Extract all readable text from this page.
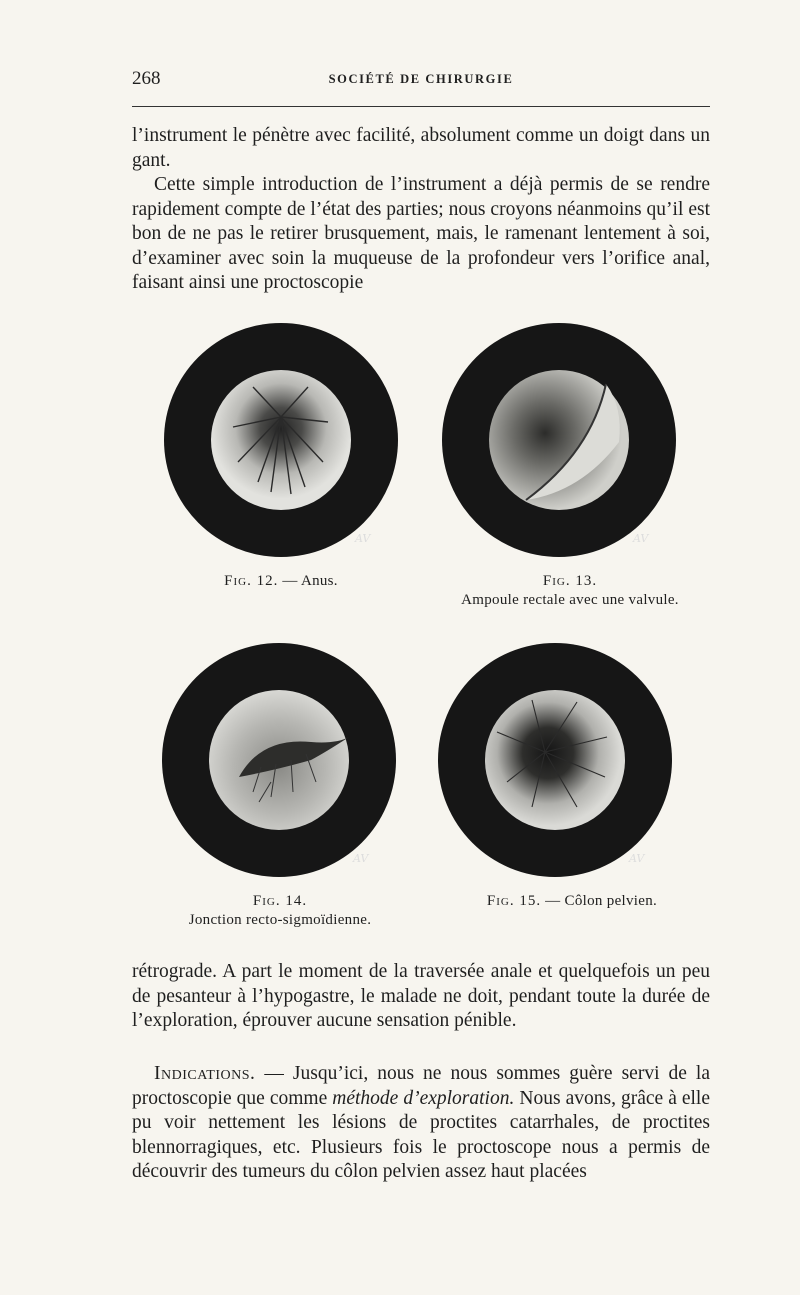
268	SOCIÉTÉ DE CHIRURGIE

l’instrument le pénètre avec facilité, absolument comme un doigt dans un gant.

Cette simple introduction de l’instrument a déjà permis de se rendre rapidement compte de l’état des parties; nous croyons néanmoins qu’il est bon de ne pas le retirer brusquement, mais, le ramenant lentement à soi, d’examiner avec soin la muqueuse de la profondeur vers l’orifice anal, faisant ainsi une proctoscopie

AV	AV
Fig. 12. — Anus.	Fig. 13.
Ampoule rectale avec une valvule.
AV	AV
Fig. 14.
Jonction recto-sigmoïdienne.
Fig. 15. — Côlon pelvien.

rétrograde. A part le moment de la traversée anale et quelquefois un peu de pesanteur à l’hypogastre, le malade ne doit, pendant toute la durée de l’exploration, éprouver aucune sensation pénible.

Indications. — Jusqu’ici, nous ne nous sommes guère servi de la proctoscopie que comme méthode d’exploration. Nous avons, grâce à elle pu voir nettement les lésions de proctites catarrhales, de proctites blennorragiques, etc. Plusieurs fois le proctoscope nous a permis de découvrir des tumeurs du côlon pelvien assez haut placées
